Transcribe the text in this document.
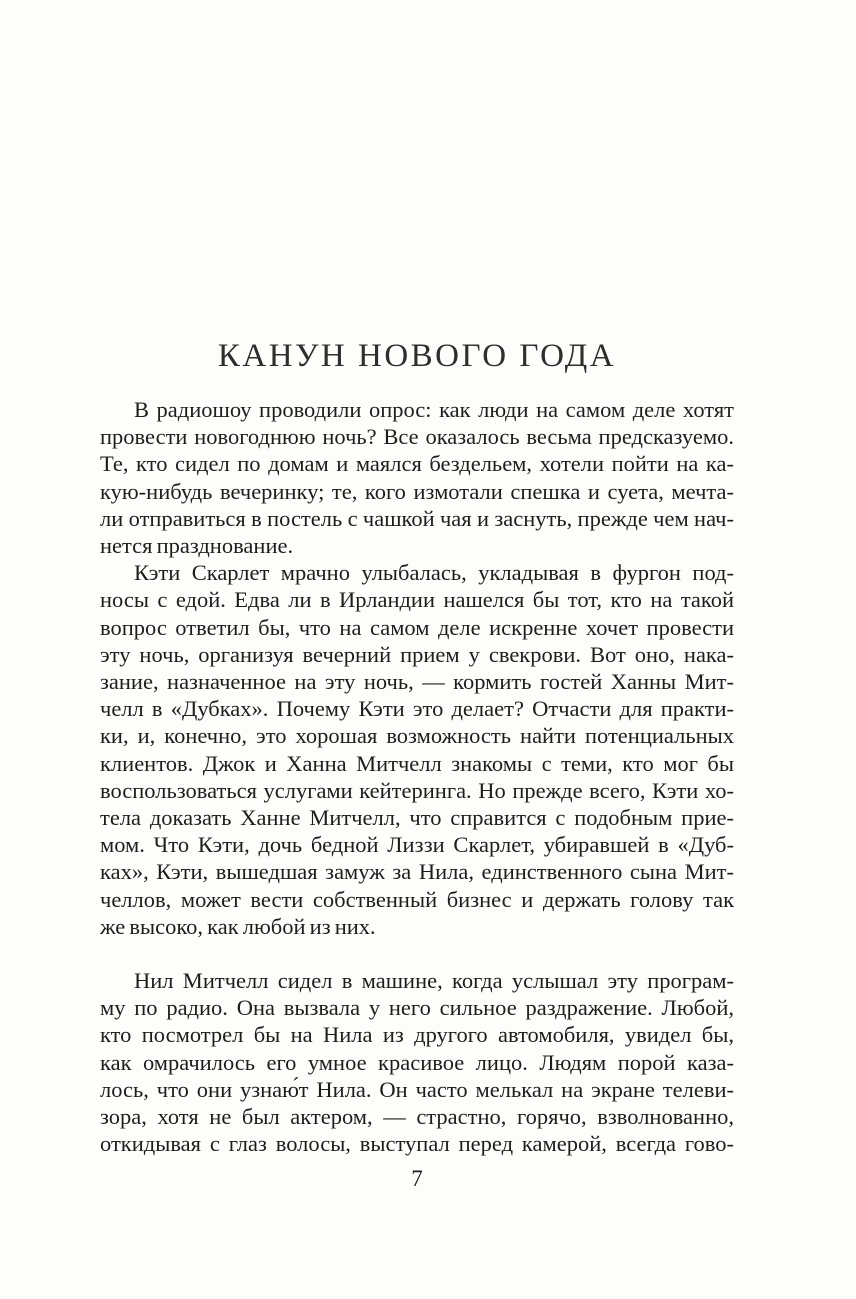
КАНУН НОВОГО ГОДА
В радиошоу проводили опрос: как люди на самом деле хотят
провести новогоднюю ночь? Все оказалось весьма предсказуемо.
Те, кто сидел по домам и маялся бездельем, хотели пойти на ка-
кую-нибудь вечеринку; те, кого измотали спешка и суета, мечта-
ли отправиться в постель с чашкой чая и заснуть, прежде чем нач-
нется празднование.
Кэти Скарлет мрачно улыбалась, укладывая в фургон под-
носы с едой. Едва ли в Ирландии нашелся бы тот, кто на такой
вопрос ответил бы, что на самом деле искренне хочет провести
эту ночь, организуя вечерний прием у свекрови. Вот оно, нака-
зание, назначенное на эту ночь, — кормить гостей Ханны Мит-
челл в «Дубках». Почему Кэти это делает? Отчасти для практи-
ки, и, конечно, это хорошая возможность найти потенциальных
клиентов. Джок и Ханна Митчелл знакомы с теми, кто мог бы
воспользоваться услугами кейтеринга. Но прежде всего, Кэти хо-
тела доказать Ханне Митчелл, что справится с подобным прие-
мом. Что Кэти, дочь бедной Лиззи Скарлет, убиравшей в «Дуб-
ках», Кэти, вышедшая замуж за Нила, единственного сына Мит-
челлов, может вести собственный бизнес и держать голову так
же высоко, как любой из них.
Нил Митчелл сидел в машине, когда услышал эту програм-
му по радио. Она вызвала у него сильное раздражение. Любой,
кто посмотрел бы на Нила из другого автомобиля, увидел бы,
как омрачилось его умное красивое лицо. Людям порой каза-
лось, что они узнаю́т Нила. Он часто мелькал на экране телеви-
зора, хотя не был актером, — страстно, горячо, взволнованно,
откидывая с глаз волосы, выступал перед камерой, всегда гово-
7
